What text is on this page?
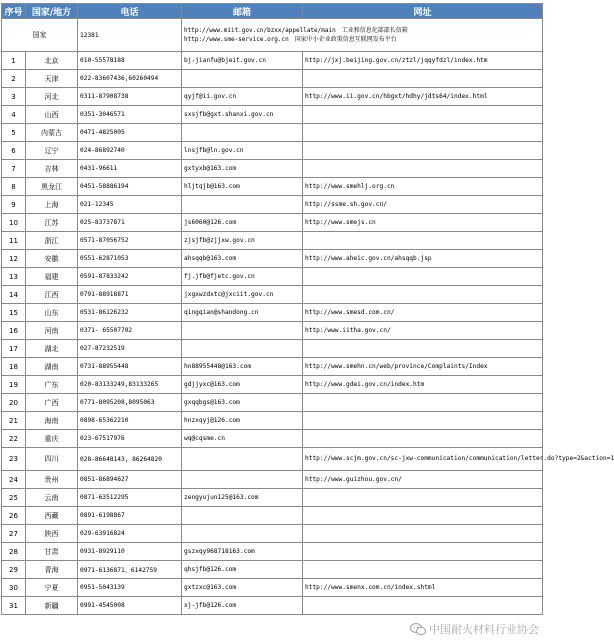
序号	国家/地方	电话	邮箱	网址
国家		12381	http://www.miit.gov.cn/bzxx/appellate/main 工业和信息化部部长信箱
http://www.sme-service.org.cn 国家中小企业政策信息互联网发布平台	

1	北京	010-55578188	bj-jianfu@bjeit.gov.cn	http://jxj.beijing.gov.cn/ztzl/jqqyfdzl/index.htm
2	天津	022-83607436,60260494		
3	河北	0311-87908738	qyjf@ii.gov.cn	http://www.ii.gov.cn/hbgxt/hdhy/jdts64/index.html
4	山西	0351-3046571	sxsjfb@gxt.shanxi.gov.cn	
5	内蒙古	0471-4825005		
6	辽宁	024-86892740	lnsjfb@ln.gov.cn	
7	吉林	0431-96611	gxtyxb@163.com	
8	黑龙江	0451-58886194	hljtqjb@163.com	http://www.smehlj.org.cn
9	上海	021-12345		http://ssme.sh.gov.cn/
10	江苏	025-83737871	js6060@126.com	http://www.smejs.cn
11	浙江	0571-87056752	zjsjfb@zjjxw.gov.cn	
12	安徽	0551-62871053	ahsqqb@163.com	http://www.aheic.gov.cn/ahsqqb.jsp
13	福建	0591-87833242	fj.jfb@fjetc.gov.cn	
14	江西	0791-88918871	jxgxwzdxtc@jxciit.gov.cn	
15	山东	0531-86126232	qingqian@shandong.cn	http://www.smesd.com.cn/
16	河南	0371- 65507702		http:/www.iitha.gov.cn/
17	湖北	027-87232519		
18	湖南	0731-88955448	hn88955448@163.com	http://www.smehn.cn/web/province/Complaints/Index
19	广东	020-83133249,83133265	gdjjyxc@163.com	http://www.gdei.gov.cn/index.htm
20	广西	0771-8095208,8095063	gxqqbgs@163.com	
21	海南	0898-65362210	hnzxqyj@126.com	
22	重庆	023-67517976	wq@cqsme.cn	
23	四川	028-86648143, 86264820		http://www.scjm.gov.cn/sc-jxw-communication/communication/letter.do?type=2&action=1
24	贵州	0851-86894627		http://www.guizhou.gov.cn/
25	云南	0871-63512295	zengyujun125@163.com	
26	西藏	0891-6198867		
27	陕西	029-63916824		
28	甘肃	0931-8929110	gszxqy968718163.com	
29	青海	0971-6136871、6142759	qhsjfb@126.com	
30	宁夏	0951-5043139	gxtzxc@163.com	http://www.smenx.com.cn/index.shtml
31	新疆	0991-4545008	xj-jfb@126.com	
中国耐火材料行业协会
